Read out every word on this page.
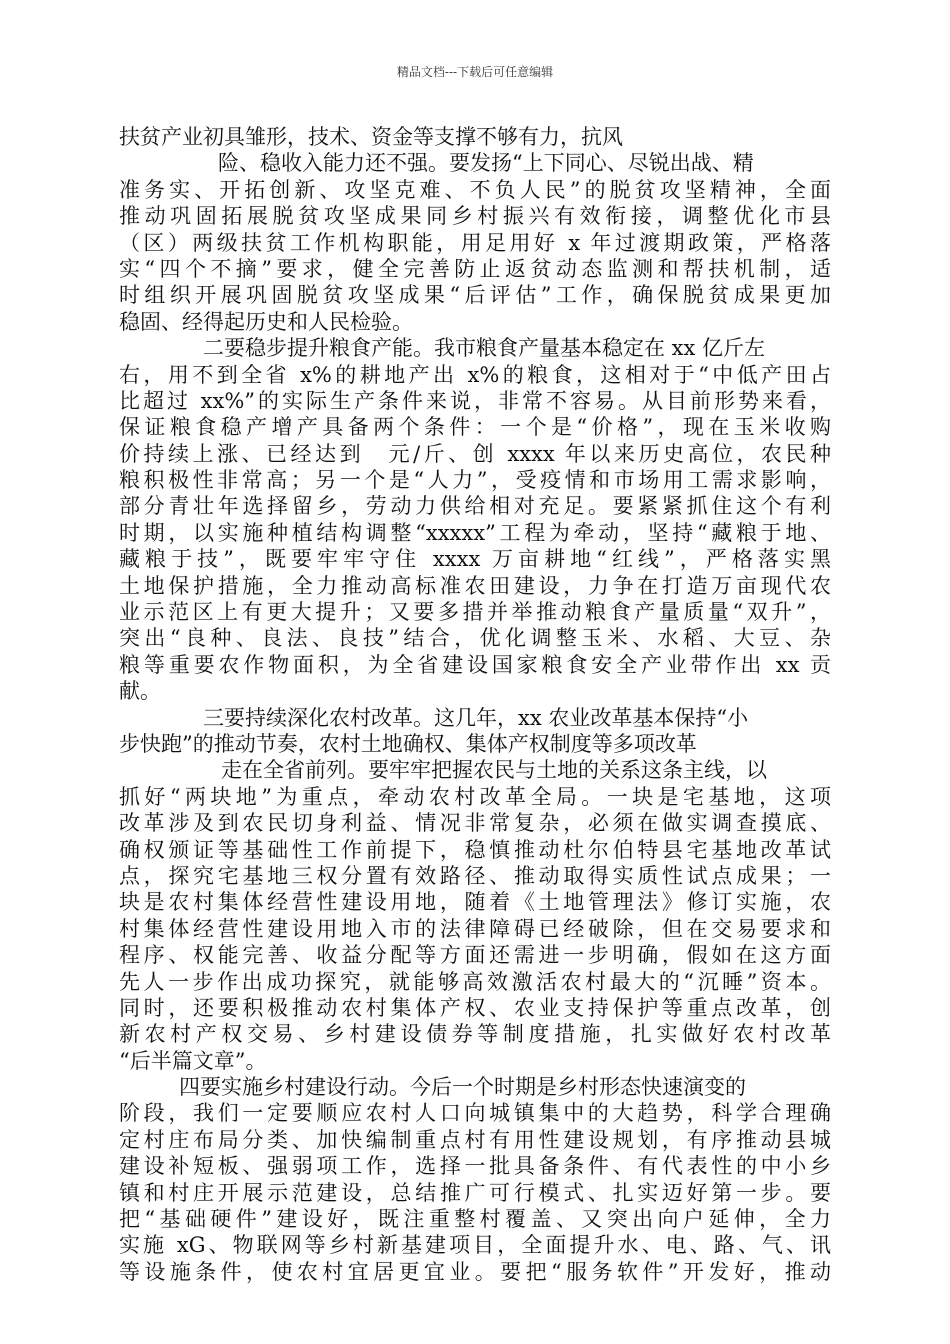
精品文档---下载后可任意编辑
扶贫产业初具雏形，技术、资金等支撑不够有力，抗风
险、稳收入能力还不强。要发扬“上下同心、尽锐出战、精
准务实、开拓创新、攻坚克难、不负人民”的脱贫攻坚精神，全面
推动巩固拓展脱贫攻坚成果同乡村振兴有效衔接，调整优化市县
（区）两级扶贫工作机构职能，用足用好 x 年过渡期政策，严格落
实“四个不摘”要求，健全完善防止返贫动态监测和帮扶机制，适
时组织开展巩固脱贫攻坚成果“后评估”工作，确保脱贫成果更加
稳固、经得起历史和人民检验。
二要稳步提升粮食产能。我市粮食产量基本稳定在 xx 亿斤左
右，用不到全省 x%的耕地产出 x%的粮食，这相对于“中低产田占
比超过 xx%”的实际生产条件来说，非常不容易。从目前形势来看，
保证粮食稳产增产具备两个条件：一个是“价格”，现在玉米收购
价持续上涨、已经达到　元/斤、创 xxxx 年以来历史高位，农民种
粮积极性非常高；另一个是“人力”，受疫情和市场用工需求影响，
部分青壮年选择留乡，劳动力供给相对充足。要紧紧抓住这个有利
时期，以实施种植结构调整“xxxxx”工程为牵动，坚持“藏粮于地、
藏粮于技”，既要牢牢守住 xxxx 万亩耕地“红线”，严格落实黑
土地保护措施，全力推动高标准农田建设，力争在打造万亩现代农
业示范区上有更大提升；又要多措并举推动粮食产量质量“双升”，
突出“良种、良法、良技”结合，优化调整玉米、水稻、大豆、杂
粮等重要农作物面积，为全省建设国家粮食安全产业带作出 xx 贡
献。
三要持续深化农村改革。这几年，xx 农业改革基本保持“小
步快跑”的推动节奏，农村土地确权、集体产权制度等多项改革
走在全省前列。要牢牢把握农民与土地的关系这条主线，以
抓好“两块地”为重点，牵动农村改革全局。一块是宅基地，这项
改革涉及到农民切身利益、情况非常复杂，必须在做实调查摸底、
确权颁证等基础性工作前提下，稳慎推动杜尔伯特县宅基地改革试
点，探究宅基地三权分置有效路径、推动取得实质性试点成果；一
块是农村集体经营性建设用地，随着《土地管理法》修订实施，农
村集体经营性建设用地入市的法律障碍已经破除，但在交易要求和
程序、权能完善、收益分配等方面还需进一步明确，假如在这方面
先人一步作出成功探究，就能够高效激活农村最大的“沉睡”资本。
同时，还要积极推动农村集体产权、农业支持保护等重点改革，创
新农村产权交易、乡村建设债券等制度措施，扎实做好农村改革
“后半篇文章”。
四要实施乡村建设行动。今后一个时期是乡村形态快速演变的
阶段，我们一定要顺应农村人口向城镇集中的大趋势，科学合理确
定村庄布局分类、加快编制重点村有用性建设规划，有序推动县城
建设补短板、强弱项工作，选择一批具备条件、有代表性的中小乡
镇和村庄开展示范建设，总结推广可行模式、扎实迈好第一步。要
把“基础硬件”建设好，既注重整村覆盖、又突出向户延伸，全力
实施 xG、物联网等乡村新基建项目，全面提升水、电、路、气、讯
等设施条件，使农村宜居更宜业。要把“服务软件”开发好，推动
